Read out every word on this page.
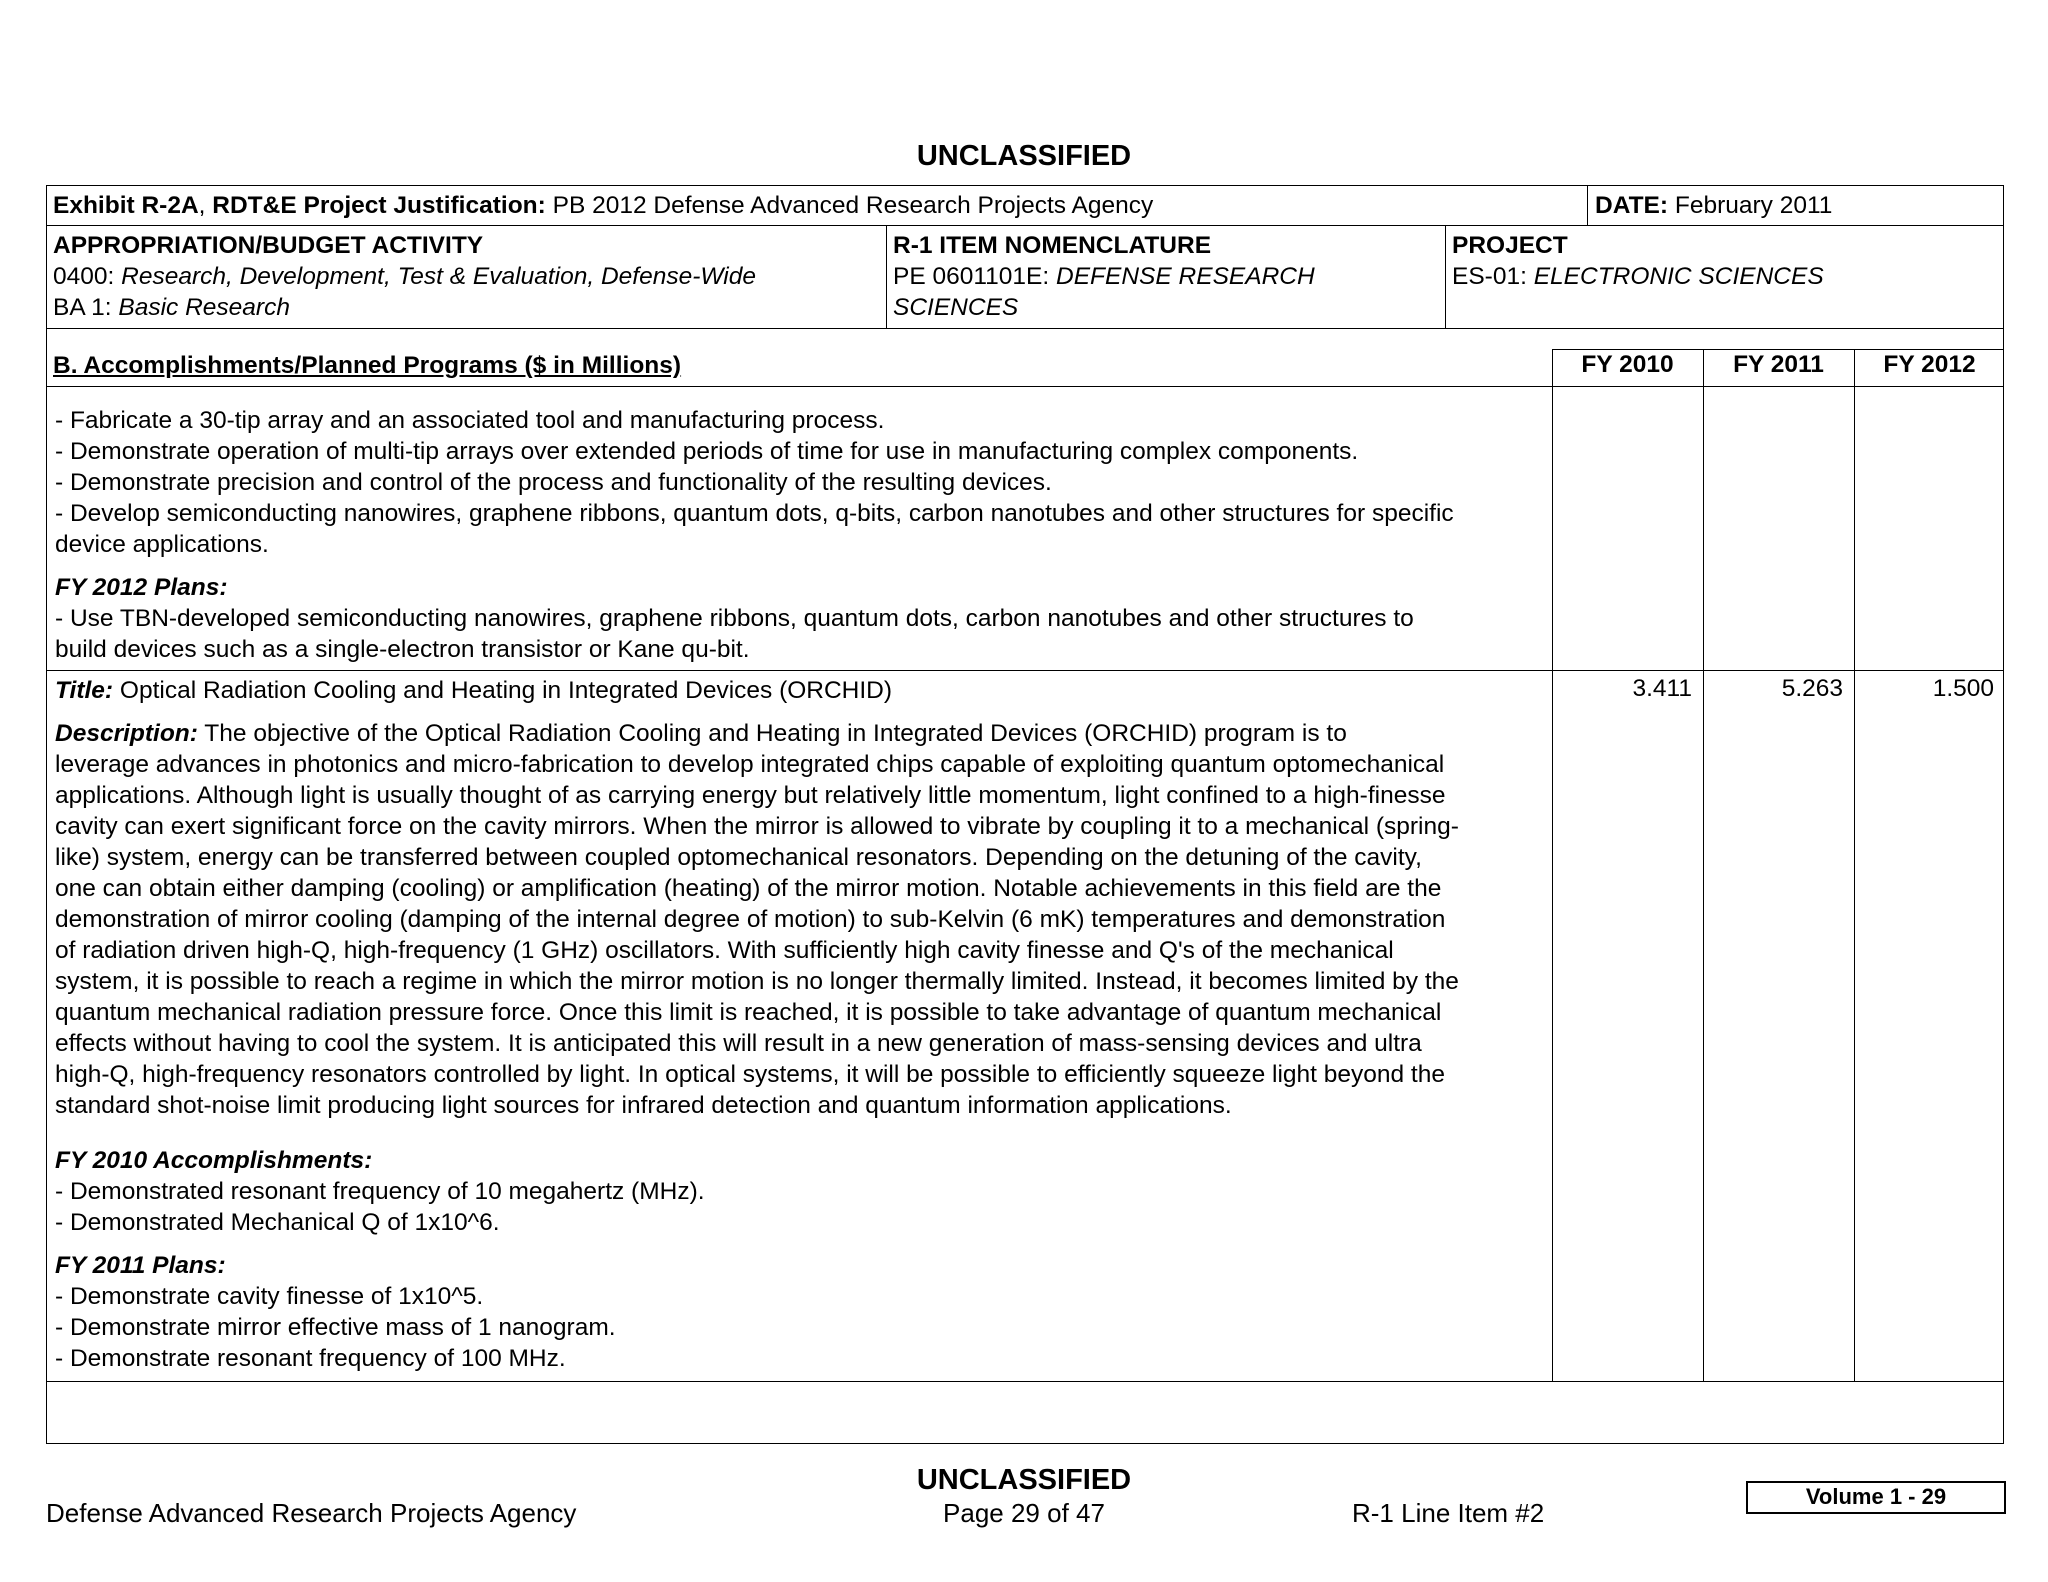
UNCLASSIFIED
Exhibit R-2A, RDT&E Project Justification: PB 2012 Defense Advanced Research Projects Agency	DATE: February 2011
APPROPRIATION/BUDGET ACTIVITY
0400: Research, Development, Test & Evaluation, Defense-Wide
BA 1: Basic Research
R-1 ITEM NOMENCLATURE
PE 0601101E: DEFENSE RESEARCH
SCIENCES
PROJECT
ES-01: ELECTRONIC SCIENCES
B. Accomplishments/Planned Programs ($ in Millions)	FY 2010	FY 2011	FY 2012
- Fabricate a 30-tip array and an associated tool and manufacturing process.
- Demonstrate operation of multi-tip arrays over extended periods of time for use in manufacturing complex components.
- Demonstrate precision and control of the process and functionality of the resulting devices.
- Develop semiconducting nanowires, graphene ribbons, quantum dots, q-bits, carbon nanotubes and other structures for specific
device applications.
FY 2012 Plans:
- Use TBN-developed semiconducting nanowires, graphene ribbons, quantum dots, carbon nanotubes and other structures to
build devices such as a single-electron transistor or Kane qu-bit.
Title: Optical Radiation Cooling and Heating in Integrated Devices (ORCHID)
Description: The objective of the Optical Radiation Cooling and Heating in Integrated Devices (ORCHID) program is to
leverage advances in photonics and micro-fabrication to develop integrated chips capable of exploiting quantum optomechanical
applications. Although light is usually thought of as carrying energy but relatively little momentum, light confined to a high-finesse
cavity can exert significant force on the cavity mirrors. When the mirror is allowed to vibrate by coupling it to a mechanical (spring-
like) system, energy can be transferred between coupled optomechanical resonators. Depending on the detuning of the cavity,
one can obtain either damping (cooling) or amplification (heating) of the mirror motion. Notable achievements in this field are the
demonstration of mirror cooling (damping of the internal degree of motion) to sub-Kelvin (6 mK) temperatures and demonstration
of radiation driven high-Q, high-frequency (1 GHz) oscillators. With sufficiently high cavity finesse and Q's of the mechanical
system, it is possible to reach a regime in which the mirror motion is no longer thermally limited. Instead, it becomes limited by the
quantum mechanical radiation pressure force. Once this limit is reached, it is possible to take advantage of quantum mechanical
effects without having to cool the system. It is anticipated this will result in a new generation of mass-sensing devices and ultra
high-Q, high-frequency resonators controlled by light. In optical systems, it will be possible to efficiently squeeze light beyond the
standard shot-noise limit producing light sources for infrared detection and quantum information applications.
FY 2010 Accomplishments:
- Demonstrated resonant frequency of 10 megahertz (MHz).
- Demonstrated Mechanical Q of 1x10^6.
FY 2011 Plans:
- Demonstrate cavity finesse of 1x10^5.
- Demonstrate mirror effective mass of 1 nanogram.
- Demonstrate resonant frequency of 100 MHz.
3.411	5.263	1.500
UNCLASSIFIED
Defense Advanced Research Projects Agency	Page 29 of 47	R-1 Line Item #2
Volume 1 - 29
